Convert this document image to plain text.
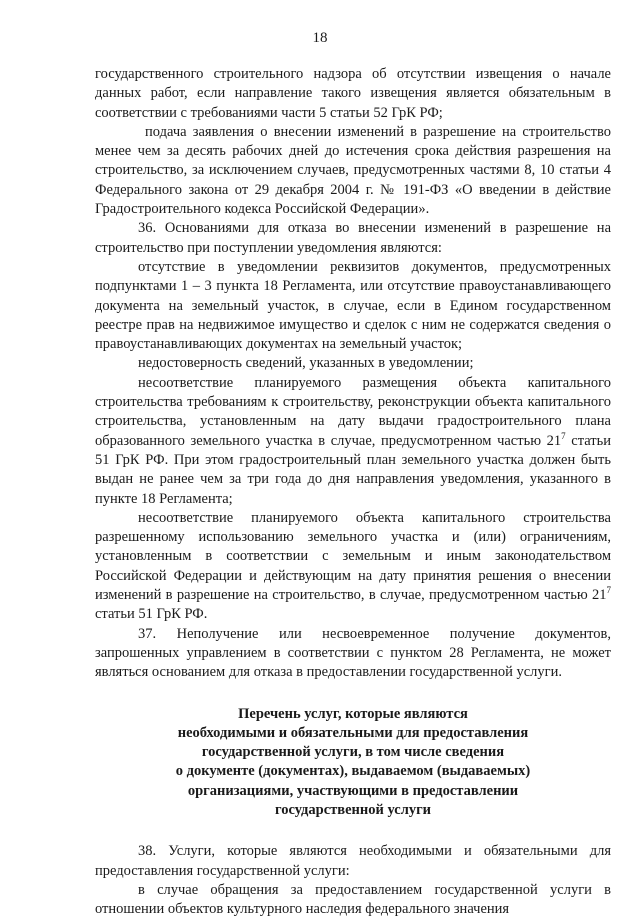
18

государственного строительного надзора об отсутствии извещения о начале данных работ, если направление такого извещения является обязательным в соответствии с требованиями части 5 статьи 52 ГрК РФ;

подача заявления о внесении изменений в разрешение на строительство менее чем за десять рабочих дней до истечения срока действия разрешения на строительство, за исключением случаев, предусмотренных частями 8, 10 статьи 4 Федерального закона от 29 декабря 2004 г. № 191-ФЗ «О введении в действие Градостроительного кодекса Российской Федерации».

36. Основаниями для отказа во внесении изменений в разрешение на строительство при поступлении уведомления являются:

отсутствие в уведомлении реквизитов документов, предусмотренных подпунктами 1 – 3 пункта 18 Регламента, или отсутствие правоустанавливающего документа на земельный участок, в случае, если в Едином государственном реестре прав на недвижимое имущество и сделок с ним не содержатся сведения о правоустанавливающих документах на земельный участок;

недостоверность сведений, указанных в уведомлении;

несоответствие планируемого размещения объекта капитального строительства требованиям к строительству, реконструкции объекта капитального строительства, установленным на дату выдачи градостроительного плана образованного земельного участка в случае, предусмотренном частью $21^7$ статьи 51 ГрК РФ. При этом градостроительный план земельного участка должен быть выдан не ранее чем за три года до дня направления уведомления, указанного в пункте 18 Регламента;

несоответствие планируемого объекта капитального строительства разрешенному использованию земельного участка и (или) ограничениям, установленным в соответствии с земельным и иным законодательством Российской Федерации и действующим на дату принятия решения о внесении изменений в разрешение на строительство, в случае, предусмотренном частью $21^7$ статьи 51 ГрК РФ.

37. Неполучение или несвоевременное получение документов, запрошенных управлением в соответствии с пунктом 28 Регламента, не может являться основанием для отказа в предоставлении государственной услуги.

Перечень услуг, которые являются
необходимыми и обязательными для предоставления
государственной услуги, в том числе сведения
о документе (документах), выдаваемом (выдаваемых)
организациями, участвующими в предоставлении
государственной услуги

38. Услуги, которые являются необходимыми и обязательными для предоставления государственной услуги:

в случае обращения за предоставлением государственной услуги в отношении объектов культурного наследия федерального значения
